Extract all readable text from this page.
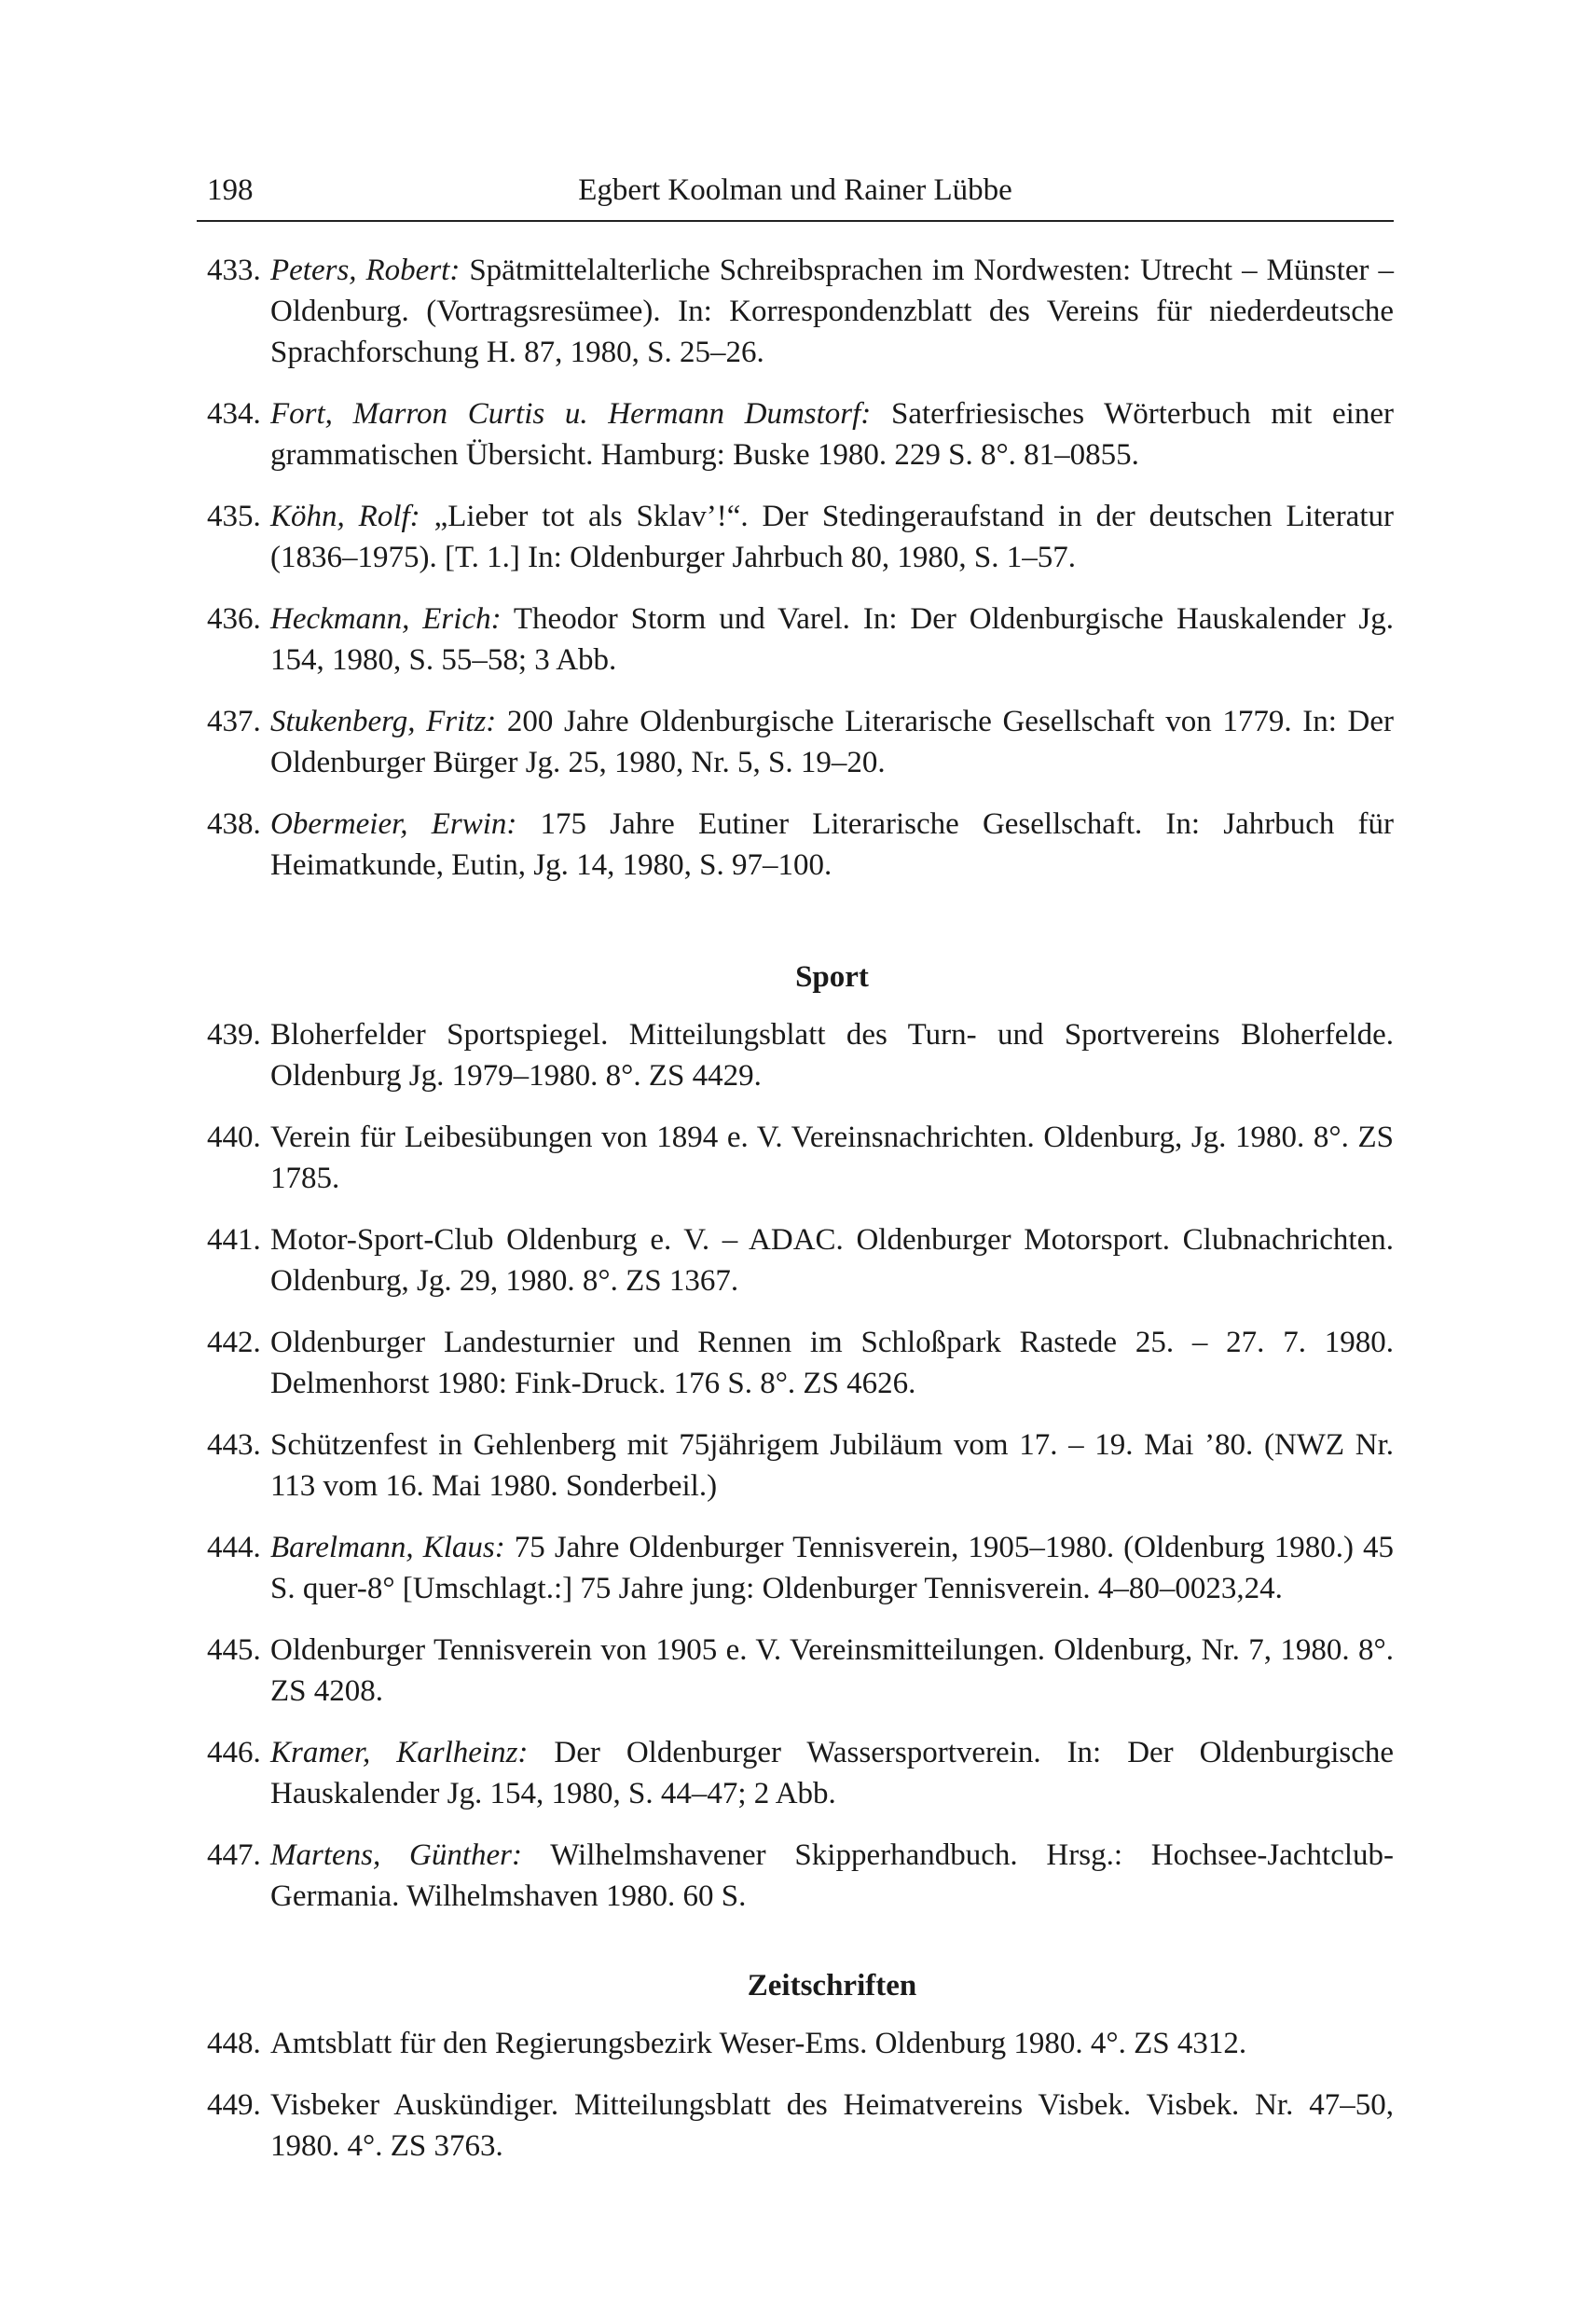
198	Egbert Koolman und Rainer Lübbe
433. Peters, Robert: Spätmittelalterliche Schreibsprachen im Nordwesten: Utrecht – Münster – Oldenburg. (Vortragsresümee). In: Korrespondenzblatt des Vereins für niederdeutsche Sprachforschung H. 87, 1980, S. 25–26.
434. Fort, Marron Curtis u. Hermann Dumstorf: Saterfriesisches Wörterbuch mit einer grammatischen Übersicht. Hamburg: Buske 1980. 229 S. 8°. 81–0855.
435. Köhn, Rolf: „Lieber tot als Sklav’!“. Der Stedingeraufstand in der deutschen Literatur (1836–1975). [T. 1.] In: Oldenburger Jahrbuch 80, 1980, S. 1–57.
436. Heckmann, Erich: Theodor Storm und Varel. In: Der Oldenburgische Hauskalender Jg. 154, 1980, S. 55–58; 3 Abb.
437. Stukenberg, Fritz: 200 Jahre Oldenburgische Literarische Gesellschaft von 1779. In: Der Oldenburger Bürger Jg. 25, 1980, Nr. 5, S. 19–20.
438. Obermeier, Erwin: 175 Jahre Eutiner Literarische Gesellschaft. In: Jahrbuch für Heimatkunde, Eutin, Jg. 14, 1980, S. 97–100.
Sport
439. Bloherfelder Sportspiegel. Mitteilungsblatt des Turn- und Sportvereins Bloherfelde. Oldenburg Jg. 1979–1980. 8°. ZS 4429.
440. Verein für Leibesübungen von 1894 e. V. Vereinsnachrichten. Oldenburg, Jg. 1980. 8°. ZS 1785.
441. Motor-Sport-Club Oldenburg e. V. – ADAC. Oldenburger Motorsport. Clubnachrichten. Oldenburg, Jg. 29, 1980. 8°. ZS 1367.
442. Oldenburger Landesturnier und Rennen im Schloßpark Rastede 25. – 27. 7. 1980. Delmenhorst 1980: Fink-Druck. 176 S. 8°. ZS 4626.
443. Schützenfest in Gehlenberg mit 75jährigem Jubiläum vom 17. – 19. Mai ’80. (NWZ Nr. 113 vom 16. Mai 1980. Sonderbeil.)
444. Barelmann, Klaus: 75 Jahre Oldenburger Tennisverein, 1905–1980. (Oldenburg 1980.) 45 S. quer-8° [Umschlagt.:] 75 Jahre jung: Oldenburger Tennisverein. 4–80–0023,24.
445. Oldenburger Tennisverein von 1905 e. V. Vereinsmitteilungen. Oldenburg, Nr. 7, 1980. 8°. ZS 4208.
446. Kramer, Karlheinz: Der Oldenburger Wassersportverein. In: Der Oldenburgische Hauskalender Jg. 154, 1980, S. 44–47; 2 Abb.
447. Martens, Günther: Wilhelmshavener Skipperhandbuch. Hrsg.: Hochsee-Jachtclub-Germania. Wilhelmshaven 1980. 60 S.
Zeitschriften
448. Amtsblatt für den Regierungsbezirk Weser-Ems. Oldenburg 1980. 4°. ZS 4312.
449. Visbeker Auskündiger. Mitteilungsblatt des Heimatvereins Visbek. Visbek. Nr. 47–50, 1980. 4°. ZS 3763.
